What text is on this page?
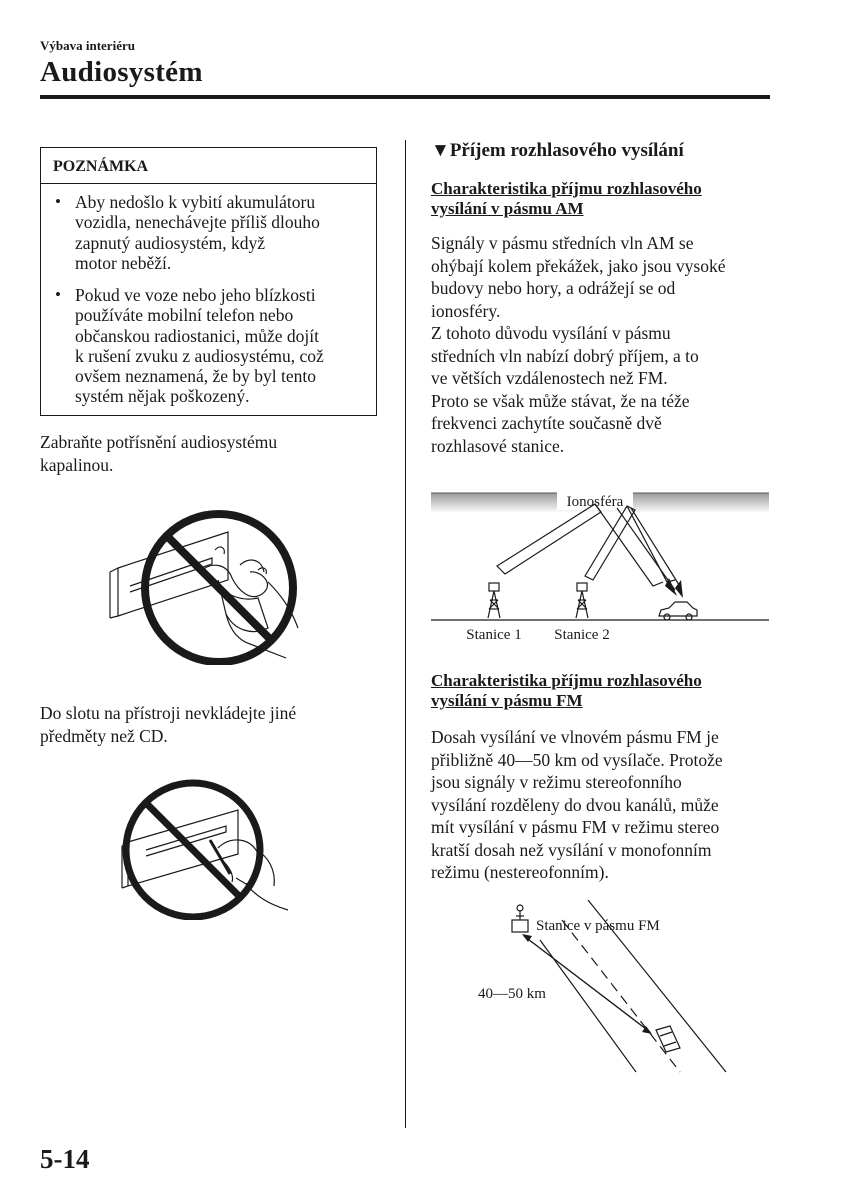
Výbava interiéru
Audiosystém
POZNÁMKA
• Aby nedošlo k vybití akumulátoru
vozidla, nenechávejte příliš dlouho
zapnutý audiosystém, když
motor neběží.
• Pokud ve voze nebo jeho blízkosti
používáte mobilní telefon nebo
občanskou radiostanici, může dojít
k rušení zvuku z audiosystému, což
ovšem neznamená, že by byl tento
systém nějak poškozený.
Zabraňte potřísnění audiosystému
kapalinou.
Do slotu na přístroji nevkládejte jiné
předměty než CD.
▼Příjem rozhlasového vysílání
Charakteristika příjmu rozhlasového
vysílání v pásmu AM
Signály v pásmu středních vln AM se
ohýbají kolem překážek, jako jsou vysoké
budovy nebo hory, a odrážejí se od
ionosféry.
Z tohoto důvodu vysílání v pásmu
středních vln nabízí dobrý příjem, a to
ve větších vzdálenostech než FM.
Proto se však může stávat, že na téže
frekvenci zachytíte současně dvě
rozhlasové stanice.
Ionosféra
Stanice 1 Stanice 2
Charakteristika příjmu rozhlasového
vysílání v pásmu FM
Dosah vysílání ve vlnovém pásmu FM je
přibližně 40―50 km od vysílače. Protože
jsou signály v režimu stereofonního
vysílání rozděleny do dvou kanálů, může
mít vysílání v pásmu FM v režimu stereo
kratší dosah než vysílání v monofonním
režimu (nestereofonním).
Stanice v pásmu FM
40―50 km
5-14
